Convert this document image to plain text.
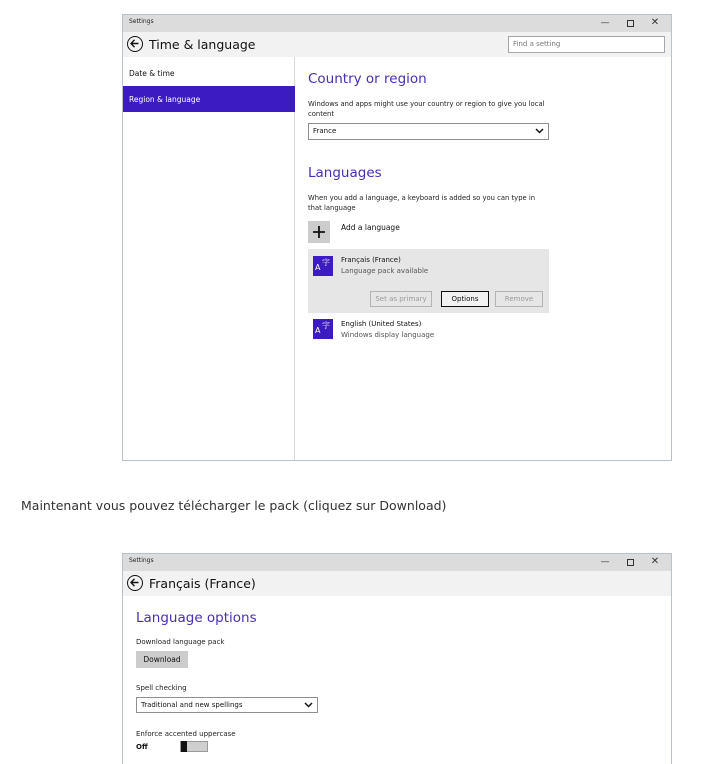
Settings	—	✕
Time & language	Find a setting
Date & time
Region & language
Country or region
Windows and apps might use your country or region to give you local content
France
Languages
When you add a language, a keyboard is added so you can type in that language
Add a language
A
字 Français (France)
Language pack available
Set as primary	Options	Remove
A
字 English (United States)
Windows display language
Maintenant vous pouvez télécharger le pack (cliquez sur Download)
Settings	—	✕
Français (France)
Language options
Download language pack
Download
Spell checking
Traditional and new spellings
Enforce accented uppercase
Off
